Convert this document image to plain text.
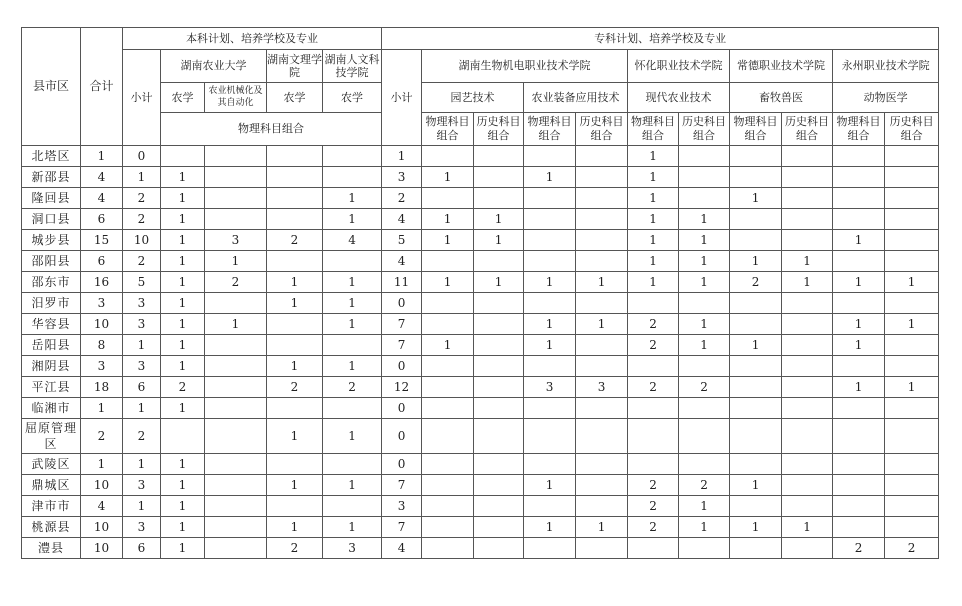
县市区	合计	本科计划、培养学校及专业					专科计划、培养学校及专业										
		小计	湖南农业大学		湖南文理学院	湖南人文科技学院	小计	湖南生物机电职业技术学院				怀化职业技术学院		常德职业技术学院		永州职业技术学院	
			农学	农业机械化及其自动化	农学	农学		园艺技术		农业装备应用技术		现代农业技术		畜牧兽医		动物医学	
			物理科目组合					物理科目组合	历史科目组合	物理科目组合	历史科目组合	物理科目组合	历史科目组合	物理科目组合	历史科目组合	物理科目组合	历史科目组合
北塔区	1	0					1					1					
新邵县	4	1	1				3	1		1		1					
隆回县	4	2	1			1	2					1		1			
洞口县	6	2	1			1	4	1	1			1	1				
城步县	15	10	1	3	2	4	5	1	1			1	1			1	
邵阳县	6	2	1	1			4					1	1	1	1		
邵东市	16	5	1	2	1	1	11	1	1	1	1	1	1	2	1	1	1
汨罗市	3	3	1		1	1	0										
华容县	10	3	1	1		1	7			1	1	2	1			1	1
岳阳县	8	1	1				7	1		1		2	1	1		1	
湘阴县	3	3	1		1	1	0										
平江县	18	6	2		2	2	12			3	3	2	2			1	1
临湘市	1	1	1				0										
屈原管理区	2	2			1	1	0										
武陵区	1	1	1				0										
鼎城区	10	3	1		1	1	7			1		2	2	1			
津市市	4	1	1				3					2	1				
桃源县	10	3	1		1	1	7			1	1	2	1	1	1		
澧县	10	6	1		2	3	4									2	2
